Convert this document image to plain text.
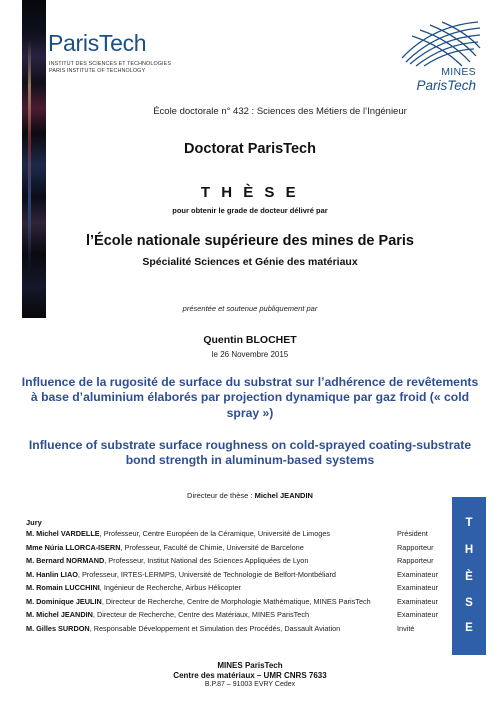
ParisTech
INSTITUT DES SCIENCES ET TECHNOLOGIES
PARIS INSTITUTE OF TECHNOLOGY	MINES
ParisTech
École doctorale n° 432 : Sciences des Métiers de l’Ingénieur
Doctorat ParisTech
T H È S E
pour obtenir le grade de docteur délivré par
l’École nationale supérieure des mines de Paris
Spécialité Sciences et Génie des matériaux
présentée et soutenue publiquement par
Quentin BLOCHET
le 26 Novembre 2015
Influence de la rugosité de surface du substrat sur l’adhérence de revêtements à base d’aluminium élaborés par projection dynamique par gaz froid (« cold spray »)
Influence of substrate surface roughness on cold-sprayed coating-substrate bond strength in aluminum-based systems
Directeur de thèse : Michel JEANDIN
Jury
M. Michel VARDELLE, Professeur, Centre Européen de la Céramique, Université de Limoges	Président
Mme Núria LLORCA-ISERN, Professeur, Faculté de Chimie, Université de Barcelone	Rapporteur
M. Bernard NORMAND, Professeur, Institut National des Sciences Appliquées de Lyon	Rapporteur
M. Hanlin LIAO, Professeur, IRTES-LERMPS, Université de Technologie de Belfort-Montbéliard	Examinateur
M. Romain LUCCHINI, Ingénieur de Recherche, Airbus Hélicopter	Examinateur
M. Dominique JEULIN, Directeur de Recherche, Centre de Morphologie Mathématique, MINES ParisTech	Examinateur
M. Michel JEANDIN, Directeur de Recherche, Centre des Matériaux, MINES ParisTech	Examinateur
M. Gilles SURDON, Responsable Développement et Simulation des Procédés, Dassault Aviation	Invité
T
H
È
S
E
MINES ParisTech
Centre des matériaux – UMR CNRS 7633
B.P.87 – 91003 EVRY Cedex
